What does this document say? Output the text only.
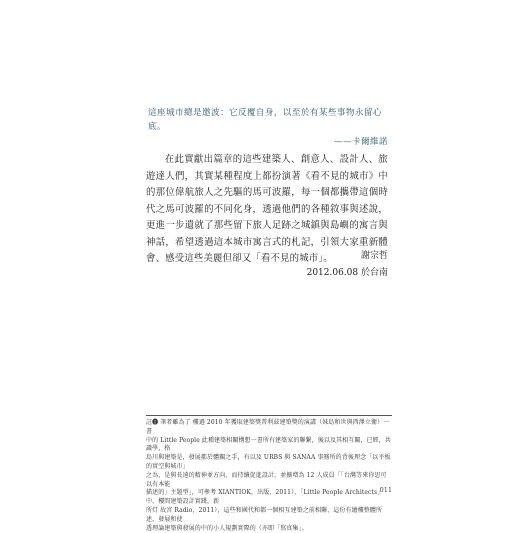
這座城市總是邀波：它反覆自身，以至於有某些事物永留心底。
——卡爾維諾

在此實獻出篇章的這些建築人、創意人、設計人、旅遊達人們，其實某種程度上都扮演著《看不見的城市》中的那位偉航旅人之先驅的馬可波羅，每一個都攜帶這個時代之馬可波羅的不同化身，透過他們的各種敘事與述說，更進一步遺就了那些留下旅人足跡之城鎮與島嶼的寓言與神話，希望透過這本城市寓言式的札記，引領大家重新體會、感受這些美麗但卻又「看不見的城市」。	謝宗哲
2012.06.08 於台南
註❶ 筆者雖為了 樓過 2010 年獲取建築獎普利茲建築獎的演講（妹島和世與西澤立衛）一書
中的 Little People 此種建築相關構想一書所有建築家的聯繫，後以及其相互關，已經，共識學，格
島川與建築是，發展都於體關之手，有以及 URBS 與 SANAA 事務所的背後理念「以平板的實空與城市」
之為，是與長遠的精神並方向，而持續促進設計，並擴增為 12 人成員「「台灣等來你思可以有本能
描述的」主題型」，可參考 XIANTIOK，出版，2011），「Little People Architects」中，樓間建築設計實踐，新
所灯 故宮 Radio，2011），這些和國代和都一個相互建築之前相聯，這份有繪樓整體所述，發展和使
透理論建築與發展的中的小人規劃實際的（亦即「寫真集」。
011
